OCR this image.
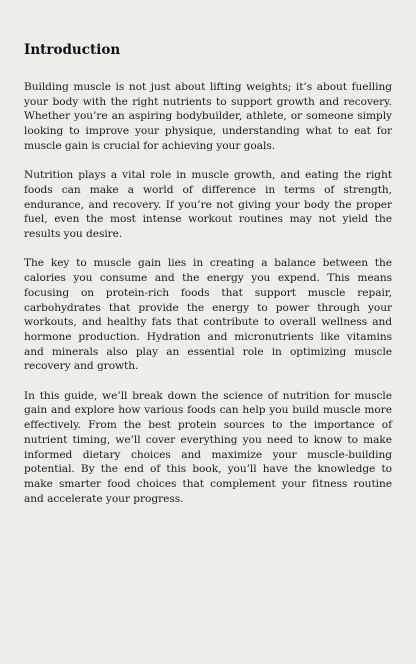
Introduction

Building muscle is not just about lifting weights; it’s about fuelling your body with the right nutrients to support growth and recovery. Whether you’re an aspiring bodybuilder, athlete, or someone simply looking to improve your physique, understanding what to eat for muscle gain is crucial for achieving your goals.

Nutrition plays a vital role in muscle growth, and eating the right foods can make a world of difference in terms of strength, endurance, and recovery. If you’re not giving your body the proper fuel, even the most intense workout routines may not yield the results you desire.

The key to muscle gain lies in creating a balance between the calories you consume and the energy you expend. This means focusing on protein-rich foods that support muscle repair, carbohydrates that provide the energy to power through your workouts, and healthy fats that contribute to overall wellness and hormone production. Hydration and micronutrients like vitamins and minerals also play an essential role in optimizing muscle recovery and growth.

In this guide, we’ll break down the science of nutrition for muscle gain and explore how various foods can help you build muscle more effectively. From the best protein sources to the importance of nutrient timing, we’ll cover everything you need to know to make informed dietary choices and maximize your muscle-building potential. By the end of this book, you’ll have the knowledge to make smarter food choices that complement your fitness routine and accelerate your progress.
